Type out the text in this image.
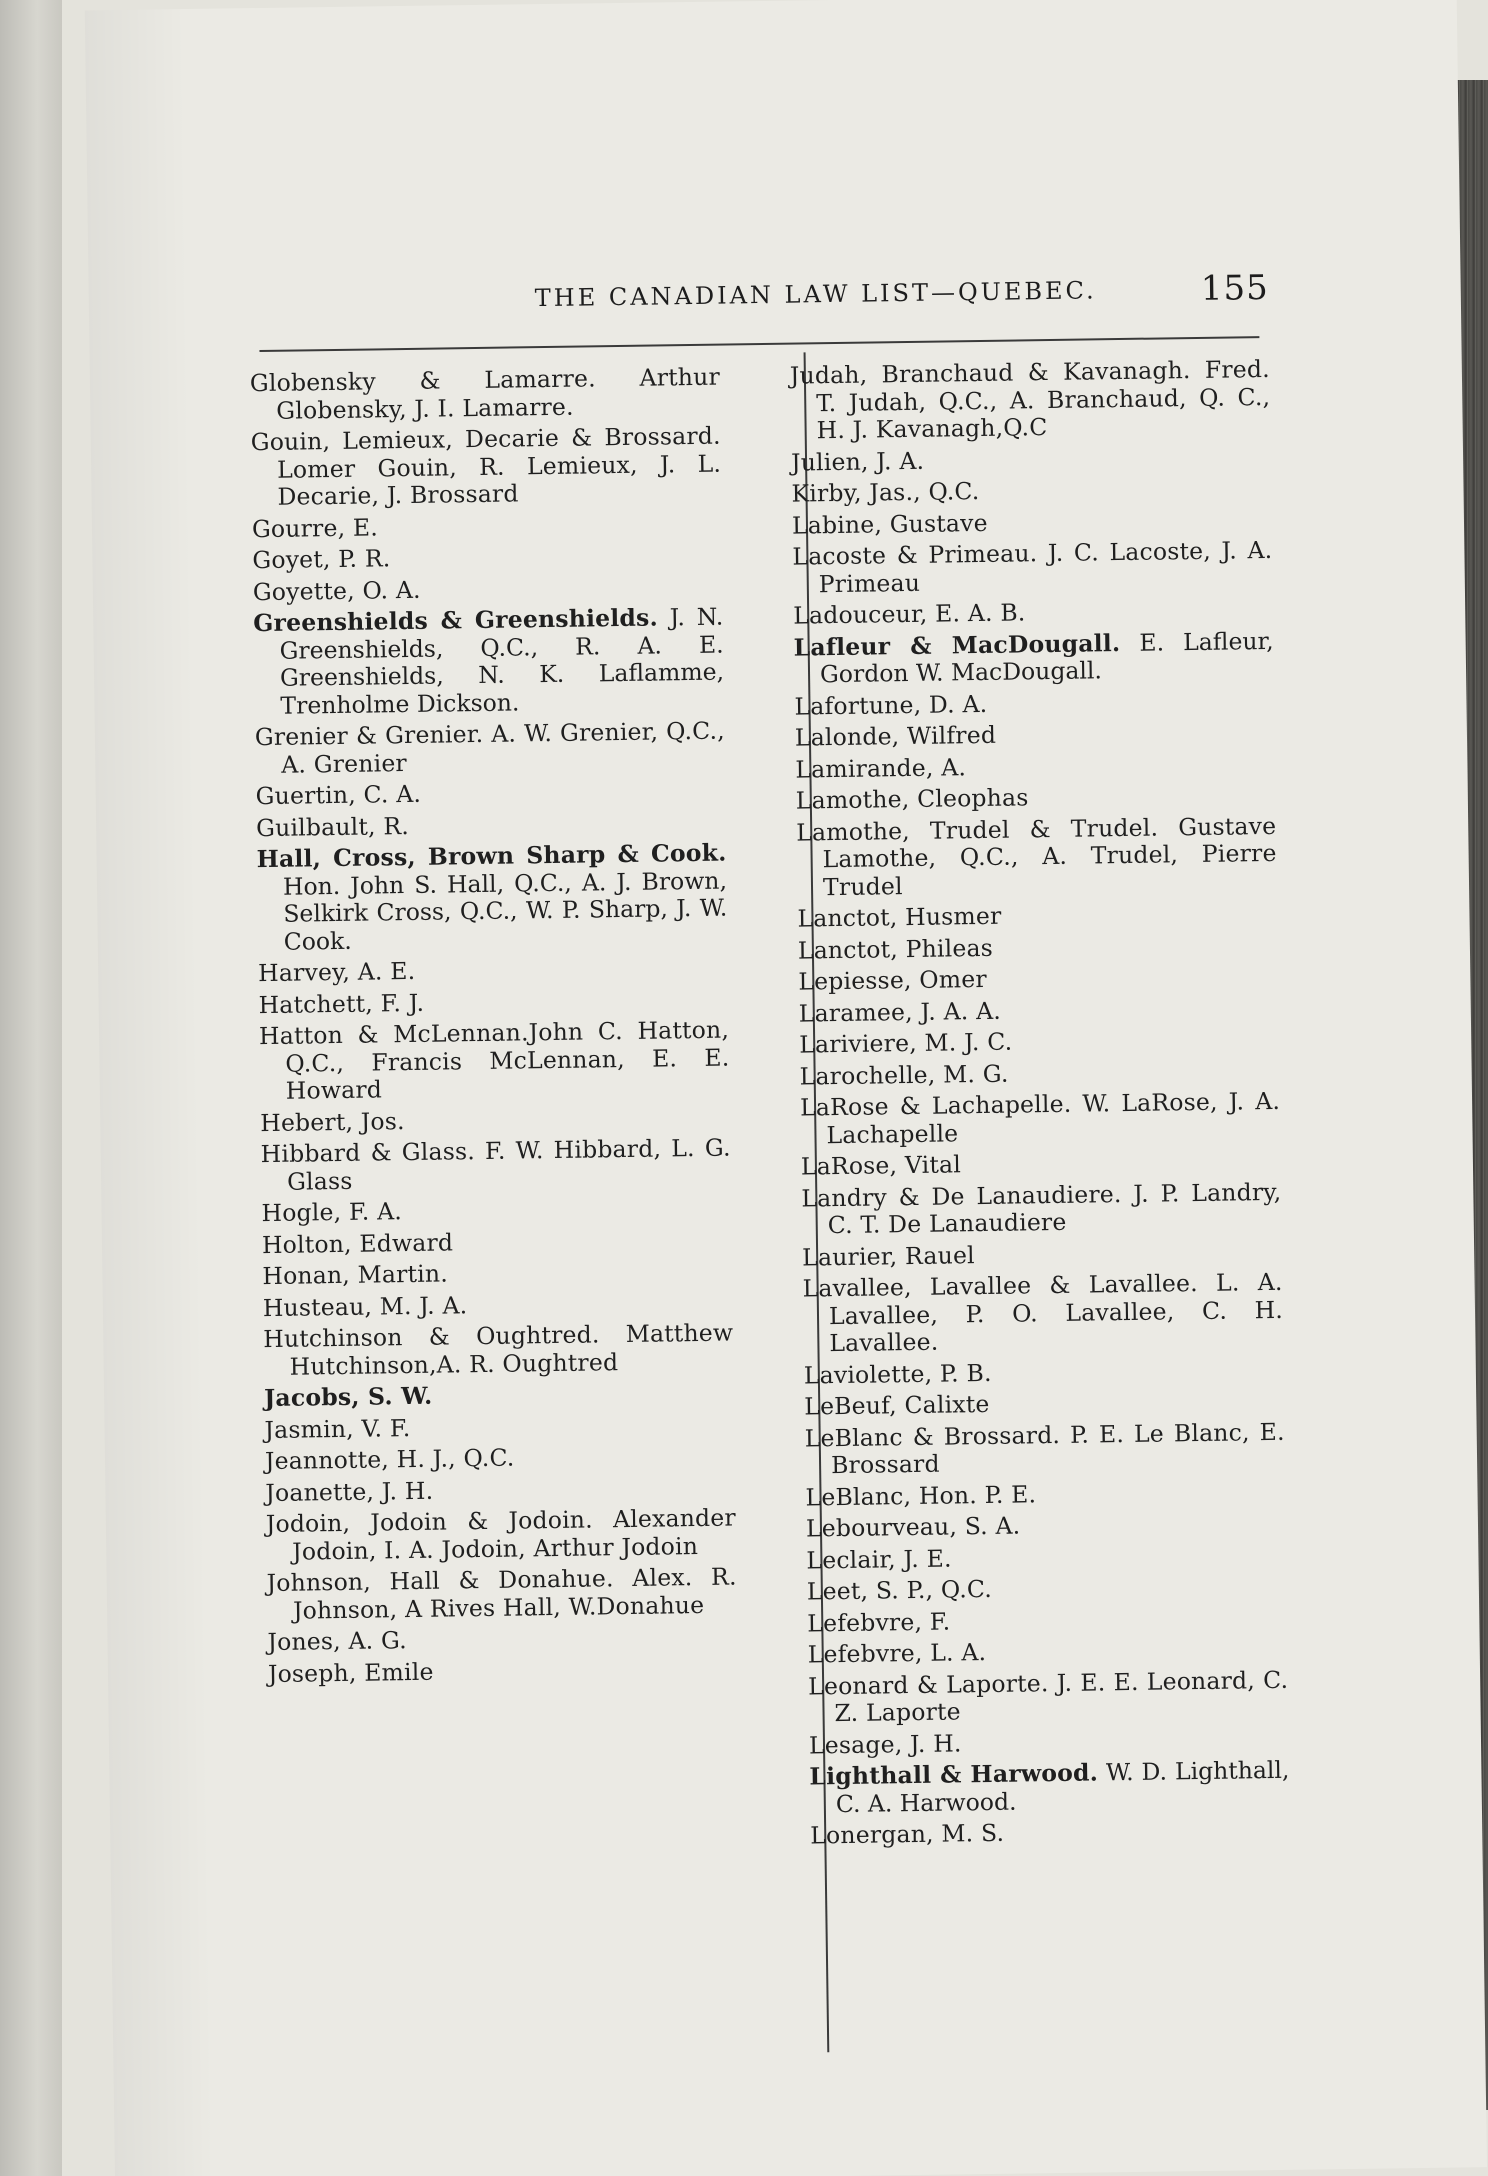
THE CANADIAN LAW LIST—QUEBEC.	155
Globensky & Lamarre. Arthur Globensky, J. I. Lamarre.
Gouin, Lemieux, Decarie & Brossard. Lomer Gouin, R. Lemieux, J. L. Decarie, J. Brossard
Gourre, E.
Goyet, P. R.
Goyette, O. A.
Greenshields & Greenshields. J. N. Greenshields, Q.C., R. A. E. Greenshields, N. K. Laflamme, Trenholme Dickson.
Grenier & Grenier. A. W. Grenier, Q.C., A. Grenier
Guertin, C. A.
Guilbault, R.
Hall, Cross, Brown Sharp & Cook. Hon. John S. Hall, Q.C., A. J. Brown, Selkirk Cross, Q.C., W. P. Sharp, J. W. Cook.
Harvey, A. E.
Hatchett, F. J.
Hatton & McLennan.John C. Hatton, Q.C., Francis McLennan, E. E. Howard
Hebert, Jos.
Hibbard & Glass. F. W. Hibbard, L. G. Glass
Hogle, F. A.
Holton, Edward
Honan, Martin.
Husteau, M. J. A.
Hutchinson & Oughtred. Matthew Hutchinson,A. R. Oughtred
Jacobs, S. W.
Jasmin, V. F.
Jeannotte, H. J., Q.C.
Joanette, J. H.
Jodoin, Jodoin & Jodoin. Alexander Jodoin, I. A. Jodoin, Arthur Jodoin
Johnson, Hall & Donahue. Alex. R. Johnson, A Rives Hall, W.Donahue
Jones, A. G.
Joseph, Emile
Judah, Branchaud & Kavanagh. Fred. T. Judah, Q.C., A. Branchaud, Q. C., H. J. Kavanagh,Q.C
Julien, J. A.
Kirby, Jas., Q.C.
Labine, Gustave
Lacoste & Primeau. J. C. Lacoste, J. A. Primeau
Ladouceur, E. A. B.
Lafleur & MacDougall. E. Lafleur, Gordon W. MacDougall.
Lafortune, D. A.
Lalonde, Wilfred
Lamirande, A.
Lamothe, Cleophas
Lamothe, Trudel & Trudel. Gustave Lamothe, Q.C., A. Trudel, Pierre Trudel
Lanctot, Husmer
Lanctot, Phileas
Lepiesse, Omer
Laramee, J. A. A.
Lariviere, M. J. C.
Larochelle, M. G.
LaRose & Lachapelle. W. LaRose, J. A. Lachapelle
LaRose, Vital
Landry & De Lanaudiere. J. P. Landry, C. T. De Lanaudiere
Laurier, Rauel
Lavallee, Lavallee & Lavallee. L. A. Lavallee, P. O. Lavallee, C. H. Lavallee.
Laviolette, P. B.
LeBeuf, Calixte
LeBlanc & Brossard. P. E. Le Blanc, E. Brossard
LeBlanc, Hon. P. E.
Lebourveau, S. A.
Leclair, J. E.
Leet, S. P., Q.C.
Lefebvre, F.
Lefebvre, L. A.
Leonard & Laporte. J. E. E. Leonard, C. Z. Laporte
Lesage, J. H.
Lighthall & Harwood. W. D. Lighthall, C. A. Harwood.
Lonergan, M. S.
